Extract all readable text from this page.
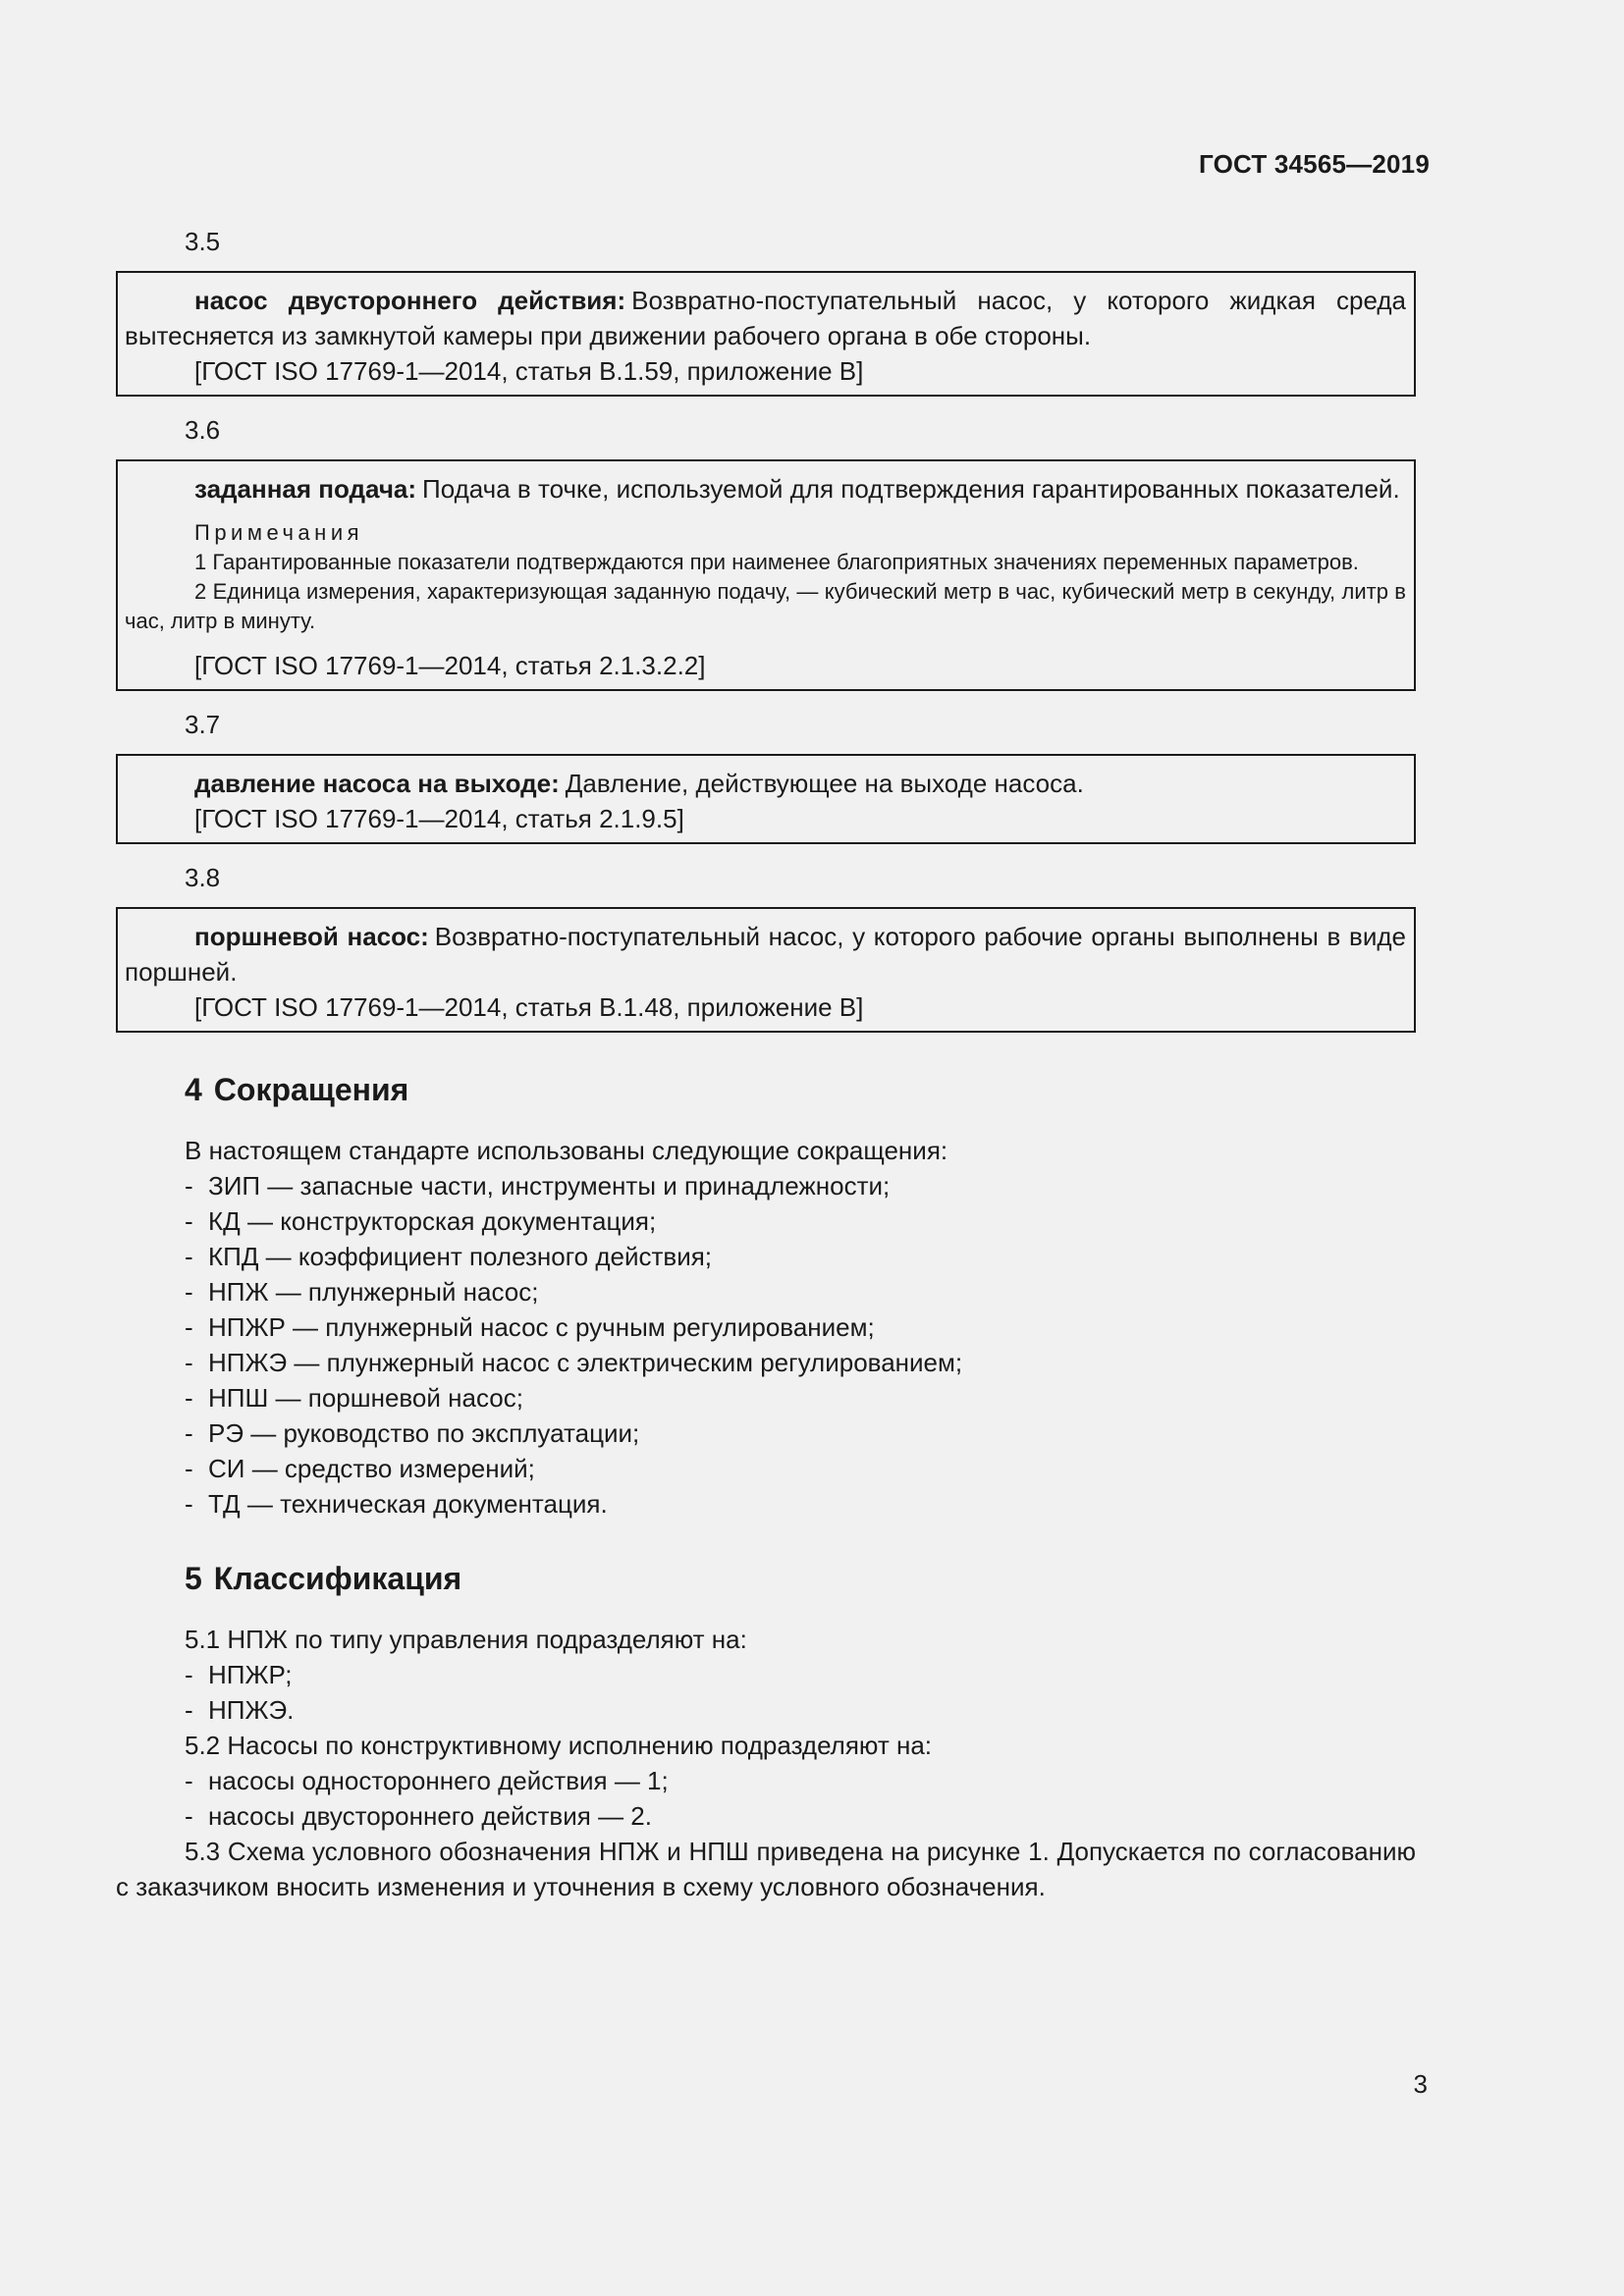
ГОСТ 34565—2019
3.5

насос двустороннего действия: Возвратно-поступательный насос, у которого жидкая среда вытесняется из замкнутой камеры при движении рабочего органа в обе стороны.

[ГОСТ ISO 17769-1—2014, статья В.1.59, приложение В]

3.6

заданная подача: Подача в точке, используемой для подтверждения гарантированных показателей.

Примечания

1 Гарантированные показатели подтверждаются при наименее благоприятных значениях переменных параметров.

2 Единица измерения, характеризующая заданную подачу, — кубический метр в час, кубический метр в секунду, литр в час, литр в минуту.

[ГОСТ ISO 17769-1—2014, статья 2.1.3.2.2]

3.7

давление насоса на выходе: Давление, действующее на выходе насоса.

[ГОСТ ISO 17769-1—2014, статья 2.1.9.5]

3.8

поршневой насос: Возвратно-поступательный насос, у которого рабочие органы выполнены в виде поршней.

[ГОСТ ISO 17769-1—2014, статья В.1.48, приложение В]

4 Сокращения

В настоящем стандарте использованы следующие сокращения:

- ЗИП — запасные части, инструменты и принадлежности;

- КД — конструкторская документация;

- КПД — коэффициент полезного действия;

- НПЖ — плунжерный насос;

- НПЖР — плунжерный насос с ручным регулированием;

- НПЖЭ — плунжерный насос с электрическим регулированием;

- НПШ — поршневой насос;

- РЭ — руководство по эксплуатации;

- СИ — средство измерений;

- ТД — техническая документация.

5 Классификация

5.1 НПЖ по типу управления подразделяют на:

- НПЖР;

- НПЖЭ.

5.2 Насосы по конструктивному исполнению подразделяют на:

- насосы одностороннего действия — 1;

- насосы двустороннего действия — 2.

5.3 Схема условного обозначения НПЖ и НПШ приведена на рисунке 1. Допускается по согласованию с заказчиком вносить изменения и уточнения в схему условного обозначения.

3
